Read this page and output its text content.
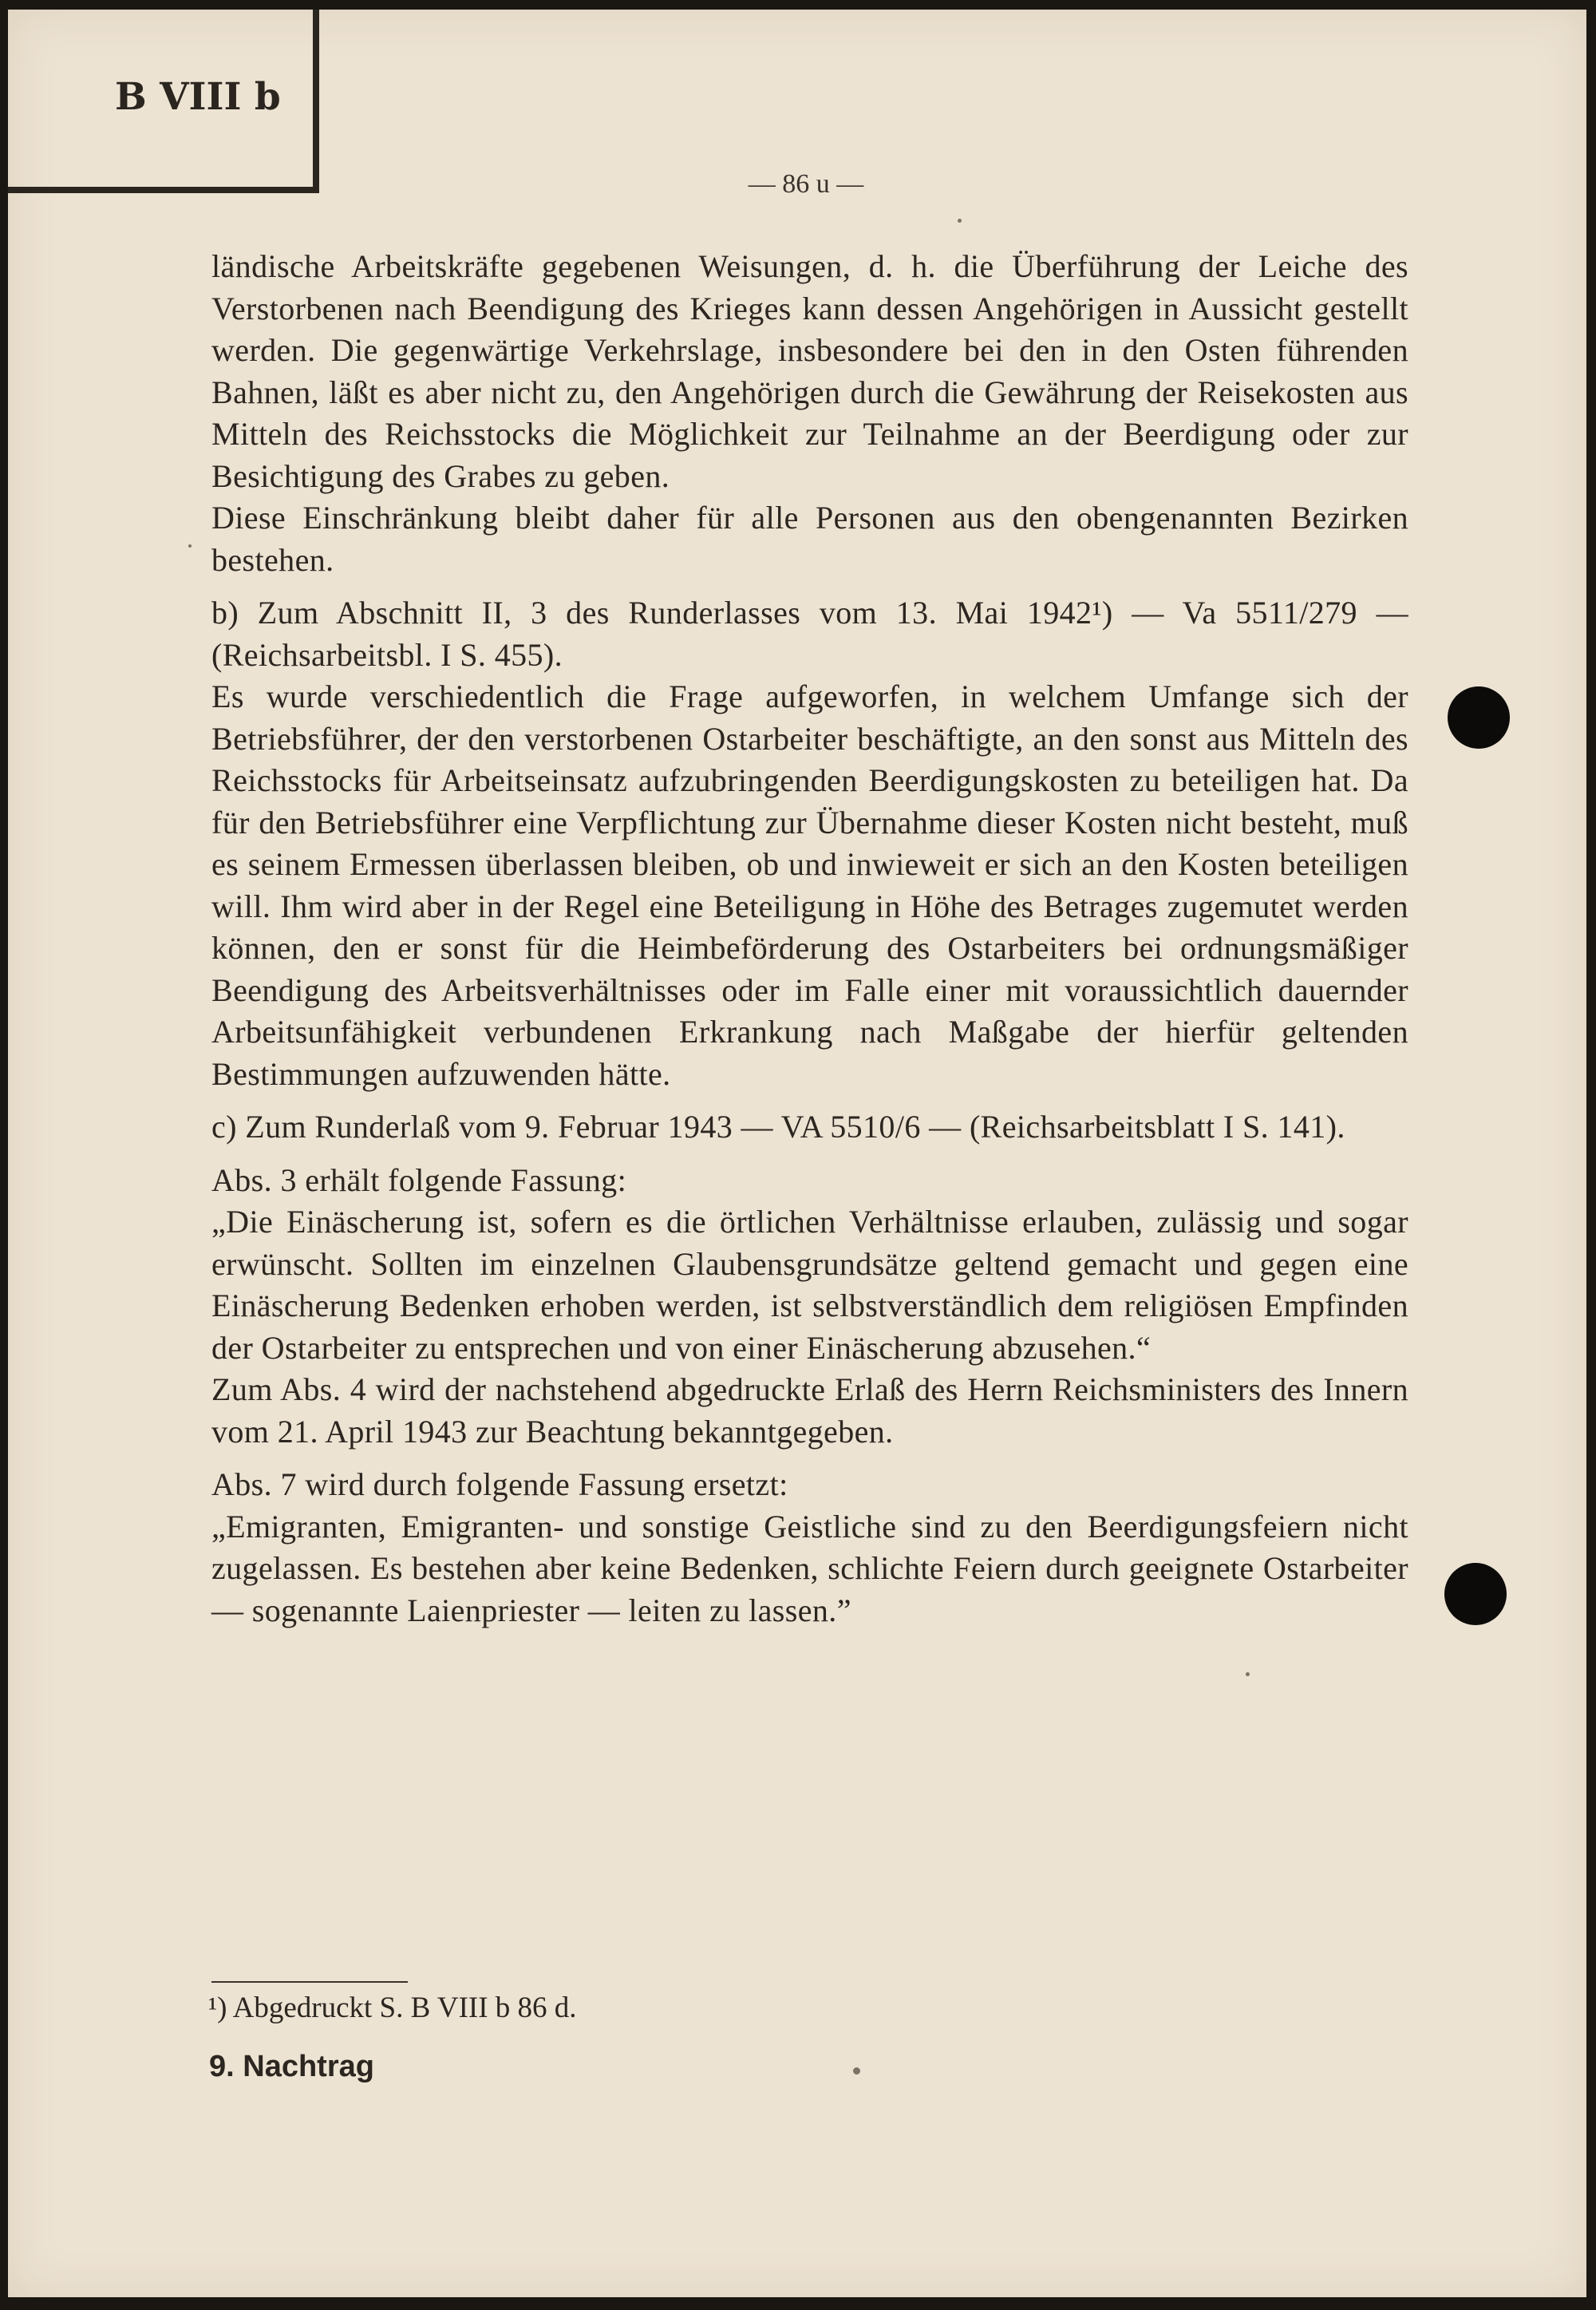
B VIII b
— 86 u —

ländische Arbeitskräfte gegebenen Weisungen, d. h. die Überführung der Leiche des Verstorbenen nach Beendigung des Krieges kann dessen Angehörigen in Aussicht gestellt werden. Die gegenwärtige Verkehrslage, insbesondere bei den in den Osten führenden Bahnen, läßt es aber nicht zu, den Angehörigen durch die Gewährung der Reisekosten aus Mitteln des Reichsstocks die Möglichkeit zur Teilnahme an der Beerdigung oder zur Besichtigung des Grabes zu geben.

Diese Einschränkung bleibt daher für alle Personen aus den obengenannten Bezirken bestehen.

b) Zum Abschnitt II, 3 des Runderlasses vom 13. Mai 1942¹) — Va 5511/279 — (Reichsarbeitsbl. I S. 455).

Es wurde verschiedentlich die Frage aufgeworfen, in welchem Umfange sich der Betriebsführer, der den verstorbenen Ostarbeiter beschäftigte, an den sonst aus Mitteln des Reichsstocks für Arbeitseinsatz aufzubringenden Beerdigungskosten zu beteiligen hat. Da für den Betriebsführer eine Verpflichtung zur Übernahme dieser Kosten nicht besteht, muß es seinem Ermessen überlassen bleiben, ob und inwieweit er sich an den Kosten beteiligen will. Ihm wird aber in der Regel eine Beteiligung in Höhe des Betrages zugemutet werden können, den er sonst für die Heimbeförderung des Ostarbeiters bei ordnungsmäßiger Beendigung des Arbeitsverhältnisses oder im Falle einer mit voraussichtlich dauernder Arbeitsunfähigkeit verbundenen Erkrankung nach Maßgabe der hierfür geltenden Bestimmungen aufzuwenden hätte.

c) Zum Runderlaß vom 9. Februar 1943 — VA 5510/6 — (Reichsarbeitsblatt I S. 141).

Abs. 3 erhält folgende Fassung:

„Die Einäscherung ist, sofern es die örtlichen Verhältnisse erlauben, zulässig und sogar erwünscht. Sollten im einzelnen Glaubensgrundsätze geltend gemacht und gegen eine Einäscherung Bedenken erhoben werden, ist selbstverständlich dem religiösen Empfinden der Ostarbeiter zu entsprechen und von einer Einäscherung abzusehen.“

Zum Abs. 4 wird der nachstehend abgedruckte Erlaß des Herrn Reichsministers des Innern vom 21. April 1943 zur Beachtung bekanntgegeben.

Abs. 7 wird durch folgende Fassung ersetzt:

„Emigranten, Emigranten- und sonstige Geistliche sind zu den Beerdigungsfeiern nicht zugelassen. Es bestehen aber keine Bedenken, schlichte Feiern durch geeignete Ostarbeiter — sogenannte Laienpriester — leiten zu lassen.”

¹) Abgedruckt S. B VIII b 86 d.
9. Nachtrag
